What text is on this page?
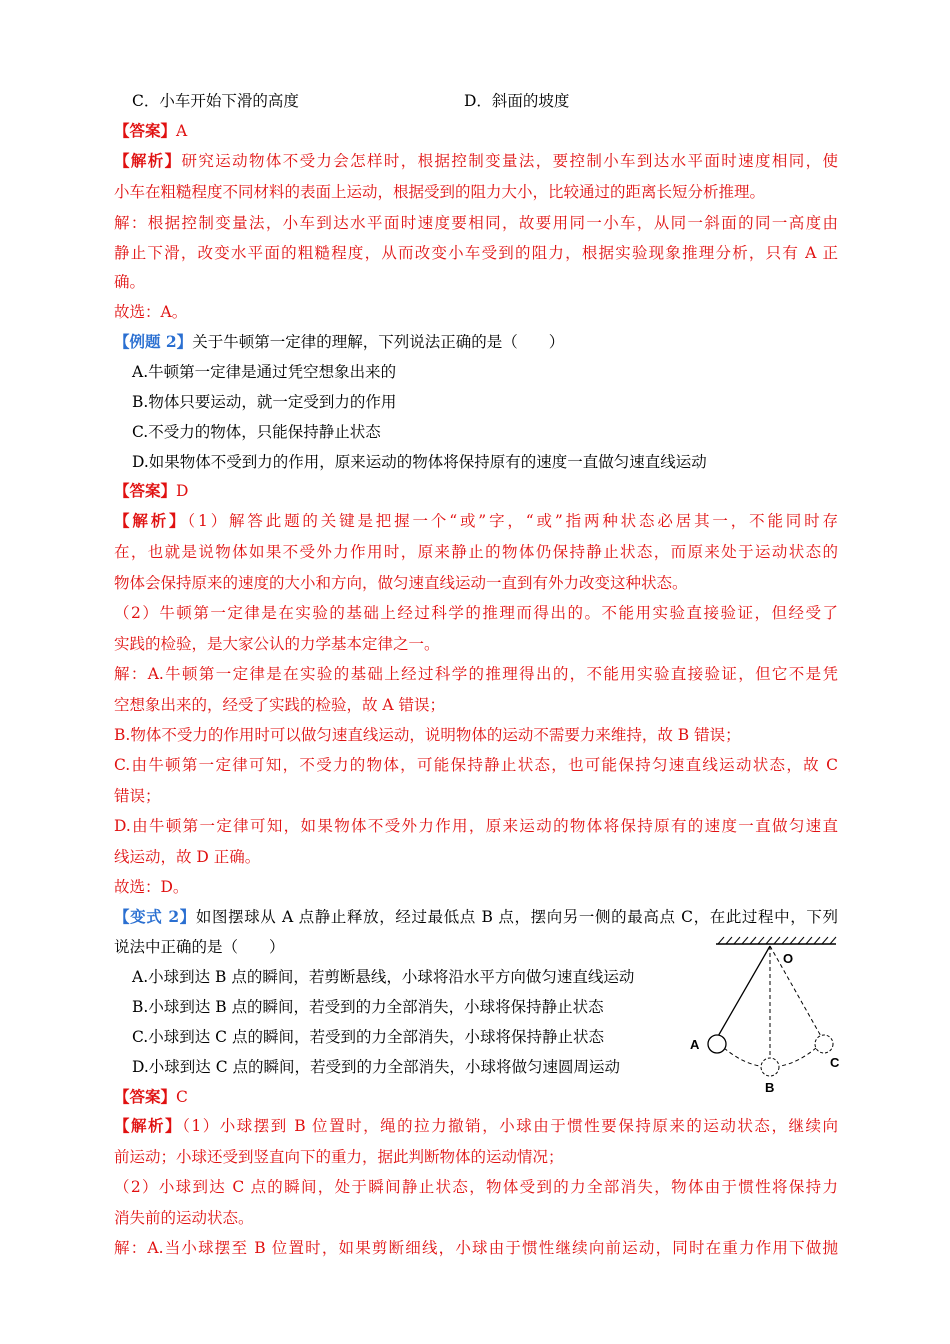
C．小车开始下滑的高度	D．斜面的坡度
【答案】A
【解析】研究运动物体不受力会怎样时，根据控制变量法，要控制小车到达水平面时速度相同，使
小车在粗糙程度不同材料的表面上运动，根据受到的阻力大小，比较通过的距离长短分析推理。
解：根据控制变量法，小车到达水平面时速度要相同，故要用同一小车，从同一斜面的同一高度由
静止下滑，改变水平面的粗糙程度，从而改变小车受到的阻力，根据实验现象推理分析，只有 A 正
确。
故选：A。
【例题 2】关于牛顿第一定律的理解，下列说法正确的是（　　）
A.牛顿第一定律是通过凭空想象出来的
B.物体只要运动，就一定受到力的作用
C.不受力的物体，只能保持静止状态
D.如果物体不受到力的作用，原来运动的物体将保持原有的速度一直做匀速直线运动
【答案】D
【解析】（1）解答此题的关键是把握一个“或”字，“或”指两种状态必居其一，不能同时存
在，也就是说物体如果不受外力作用时，原来静止的物体仍保持静止状态，而原来处于运动状态的
物体会保持原来的速度的大小和方向，做匀速直线运动一直到有外力改变这种状态。
（2）牛顿第一定律是在实验的基础上经过科学的推理而得出的。不能用实验直接验证，但经受了
实践的检验，是大家公认的力学基本定律之一。
解：A.牛顿第一定律是在实验的基础上经过科学的推理得出的，不能用实验直接验证，但它不是凭
空想象出来的，经受了实践的检验，故 A 错误；
B.物体不受力的作用时可以做匀速直线运动，说明物体的运动不需要力来维持，故 B 错误；
C.由牛顿第一定律可知，不受力的物体，可能保持静止状态，也可能保持匀速直线运动状态，故 C
错误；
D.由牛顿第一定律可知，如果物体不受外力作用，原来运动的物体将保持原有的速度一直做匀速直
线运动，故 D 正确。
故选：D。
【变式 2】如图摆球从 A 点静止释放，经过最低点 B 点，摆向另一侧的最高点 C，在此过程中，下列
说法中正确的是（　　）
A.小球到达 B 点的瞬间，若剪断悬线，小球将沿水平方向做匀速直线运动
B.小球到达 B 点的瞬间，若受到的力全部消失，小球将保持静止状态
C.小球到达 C 点的瞬间，若受到的力全部消失，小球将保持静止状态
D.小球到达 C 点的瞬间，若受到的力全部消失，小球将做匀速圆周运动
O
A
B
C
【答案】C
【解析】（1）小球摆到 B 位置时，绳的拉力撤销，小球由于惯性要保持原来的运动状态，继续向
前运动；小球还受到竖直向下的重力，据此判断物体的运动情况；
（2）小球到达 C 点的瞬间，处于瞬间静止状态，物体受到的力全部消失，物体由于惯性将保持力
消失前的运动状态。
解：A.当小球摆至 B 位置时，如果剪断细线，小球由于惯性继续向前运动，同时在重力作用下做抛
